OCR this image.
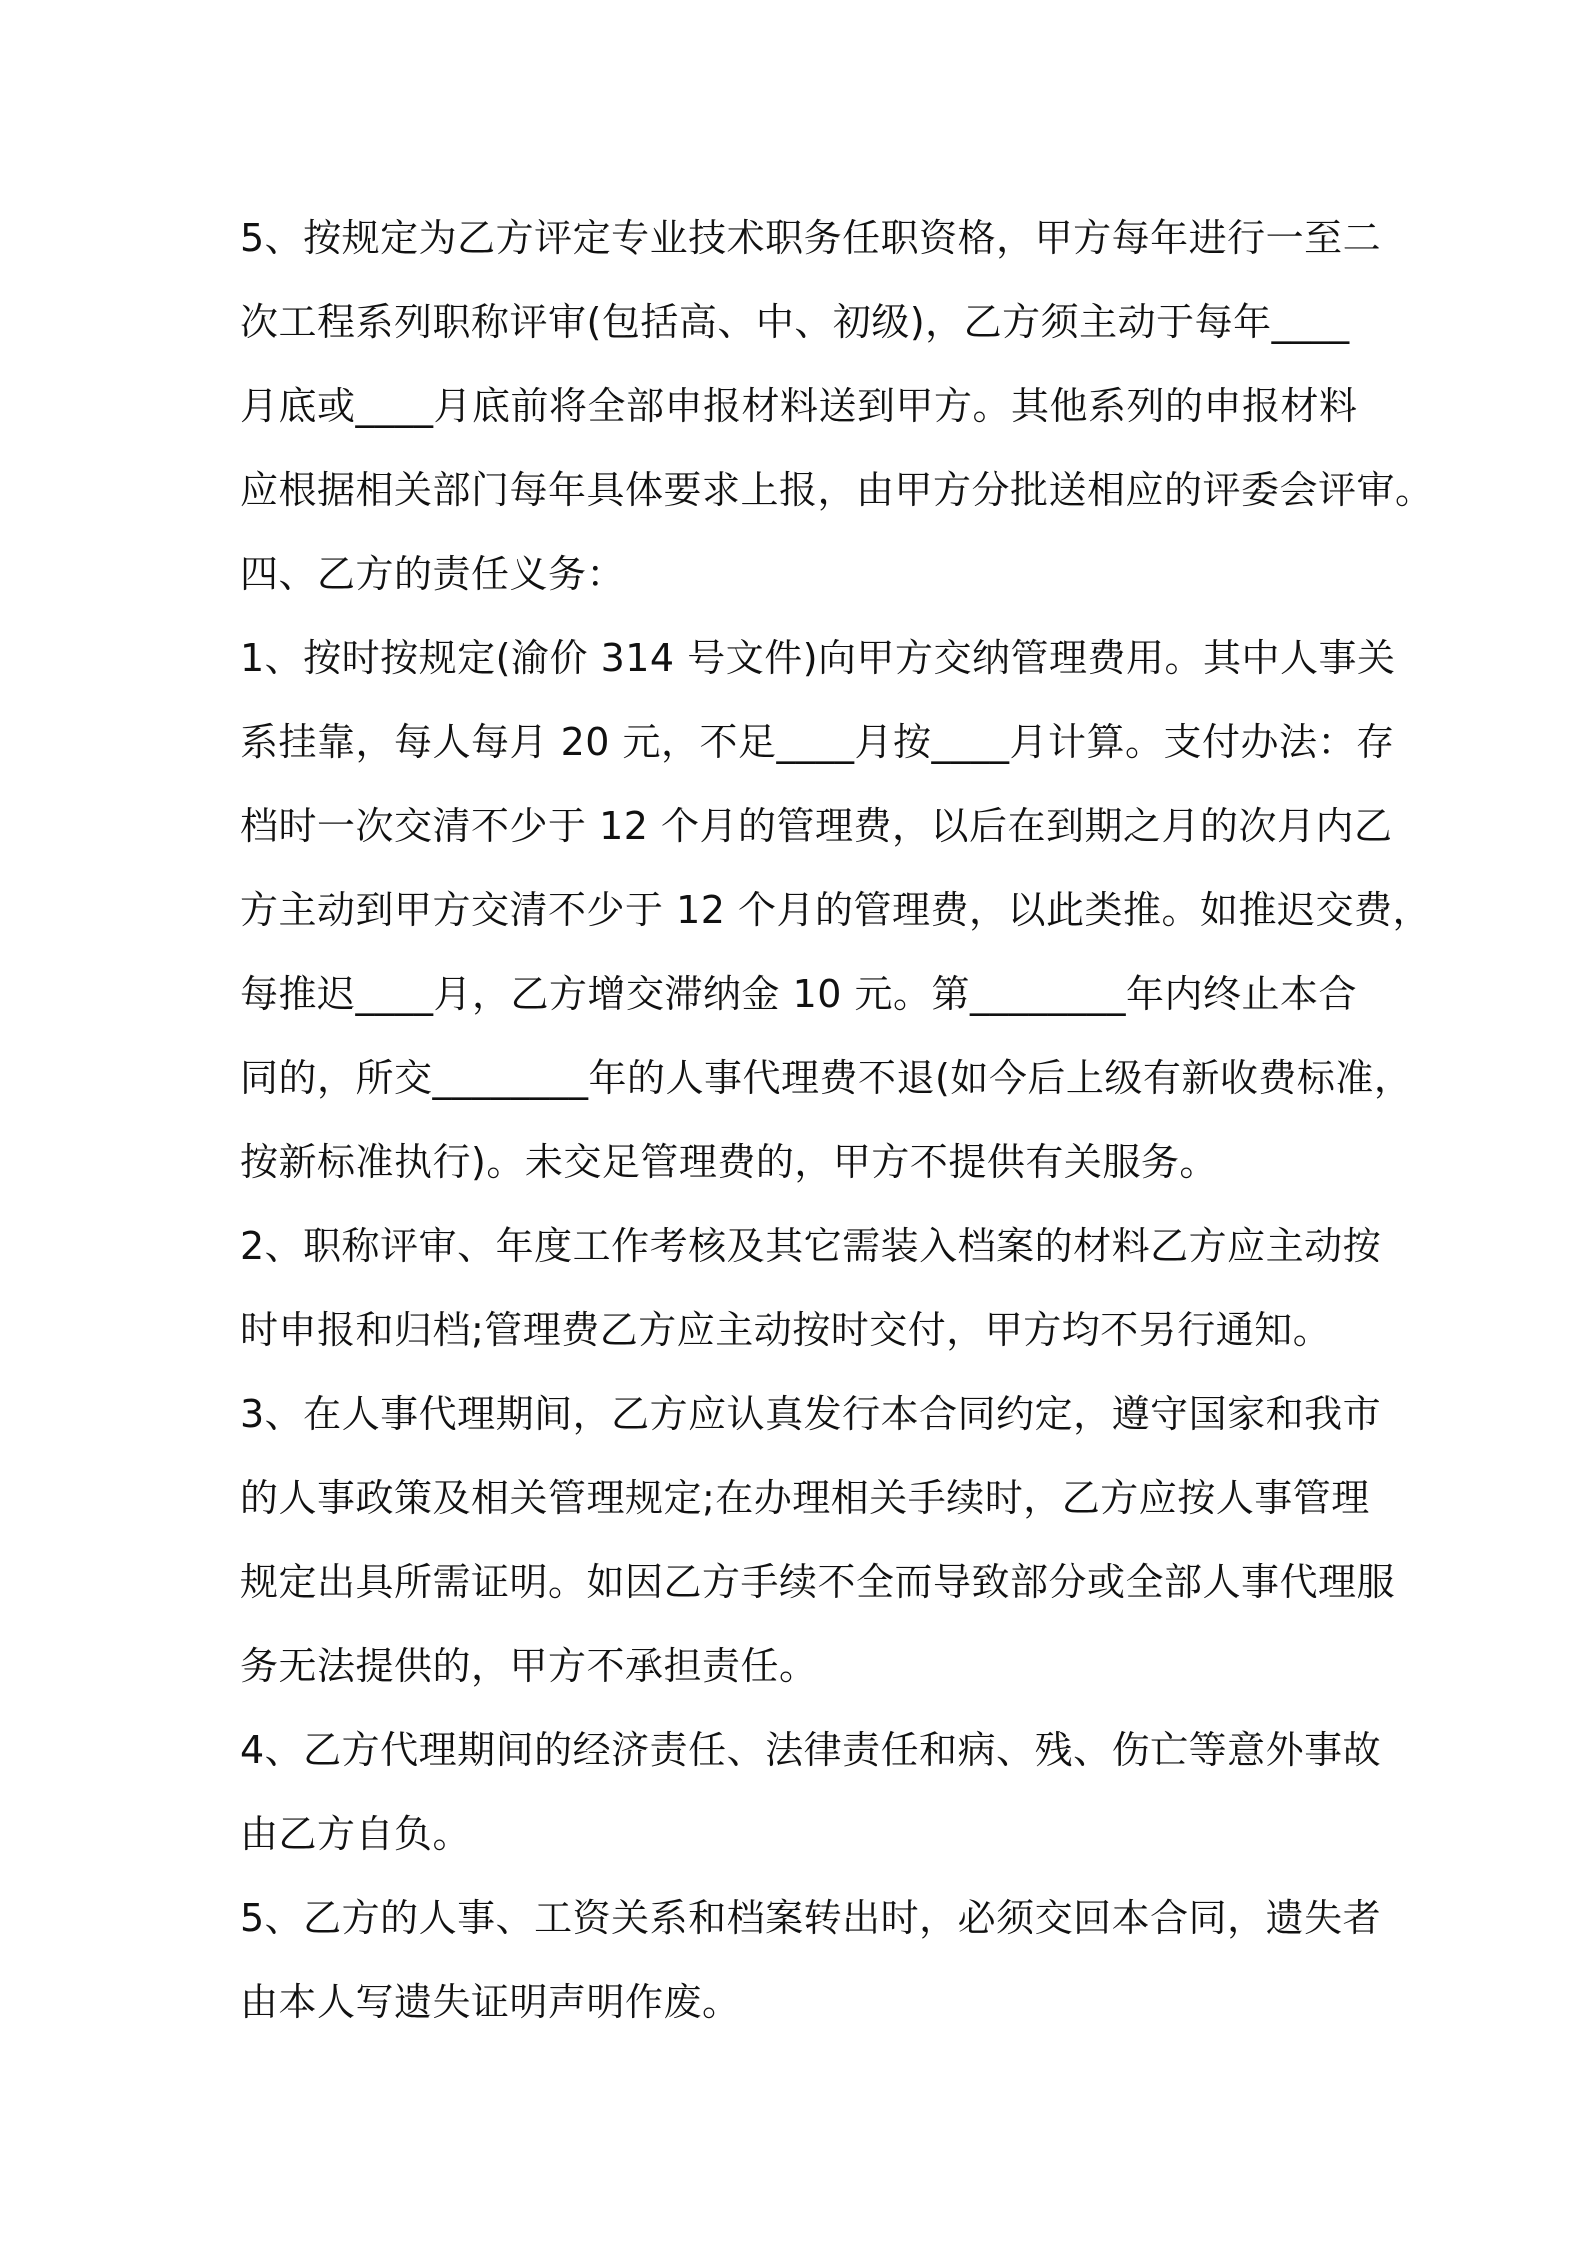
5、按规定为乙方评定专业技术职务任职资格，甲方每年进行一至二
次工程系列职称评审(包括高、中、初级)，乙方须主动于每年____
月底或____月底前将全部申报材料送到甲方。其他系列的申报材料
应根据相关部门每年具体要求上报，由甲方分批送相应的评委会评审。
四、乙方的责任义务：
1、按时按规定(渝价 314 号文件)向甲方交纳管理费用。其中人事关
系挂靠，每人每月 20 元，不足____月按____月计算。支付办法：存
档时一次交清不少于 12 个月的管理费，以后在到期之月的次月内乙
方主动到甲方交清不少于 12 个月的管理费，以此类推。如推迟交费，
每推迟____月，乙方增交滞纳金 10 元。第________年内终止本合
同的，所交________年的人事代理费不退(如今后上级有新收费标准，
按新标准执行)。未交足管理费的，甲方不提供有关服务。
2、职称评审、年度工作考核及其它需装入档案的材料乙方应主动按
时申报和归档;管理费乙方应主动按时交付，甲方均不另行通知。
3、在人事代理期间，乙方应认真发行本合同约定，遵守国家和我市
的人事政策及相关管理规定;在办理相关手续时，乙方应按人事管理
规定出具所需证明。如因乙方手续不全而导致部分或全部人事代理服
务无法提供的，甲方不承担责任。
4、乙方代理期间的经济责任、法律责任和病、残、伤亡等意外事故
由乙方自负。
5、乙方的人事、工资关系和档案转出时，必须交回本合同，遗失者
由本人写遗失证明声明作废。
